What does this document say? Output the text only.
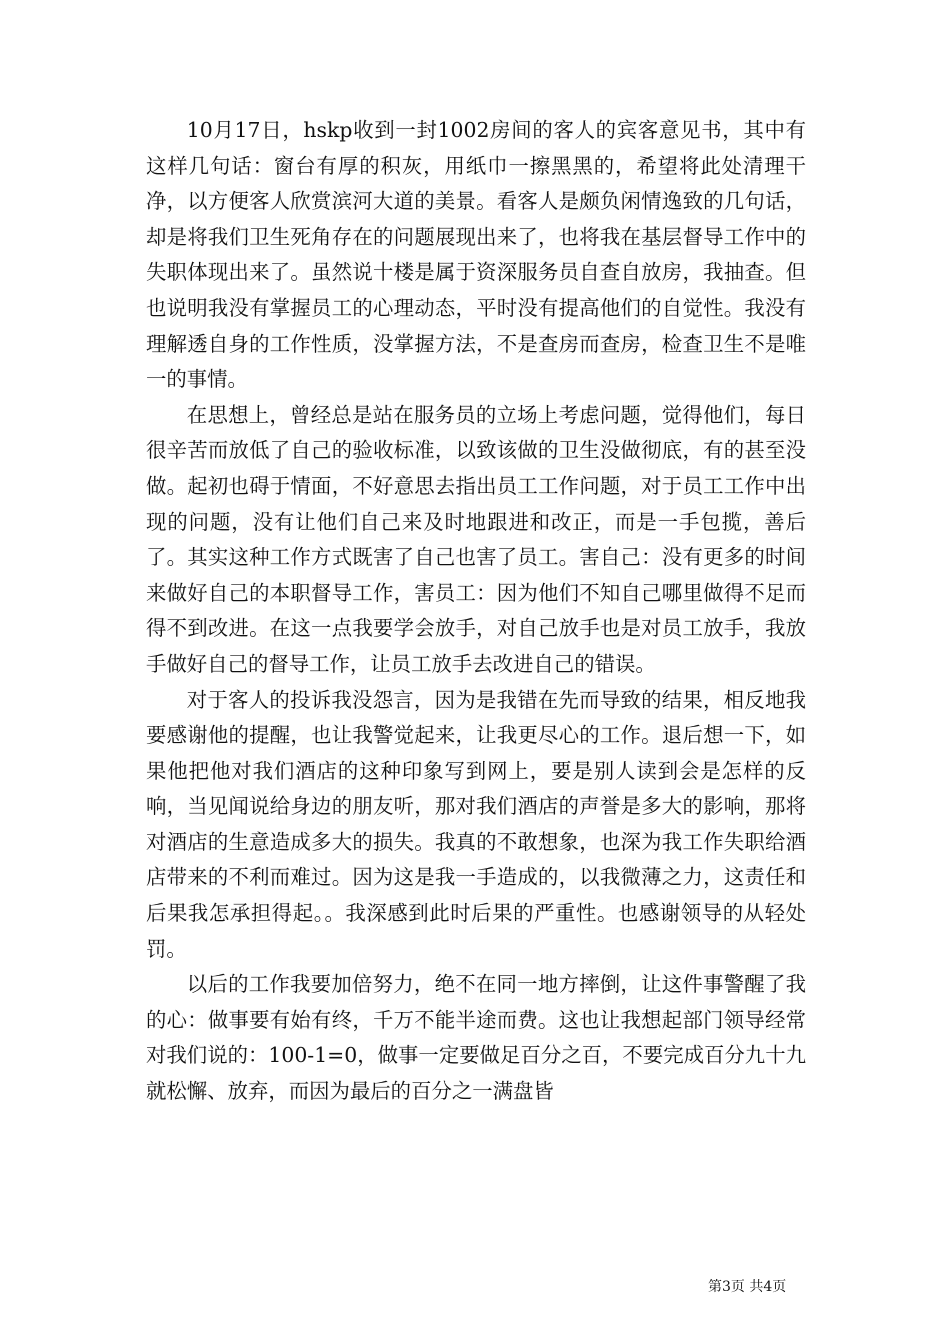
10月17日，hskp收到一封1002房间的客人的宾客意见书，其中有这样几句话：窗台有厚的积灰，用纸巾一擦黑黑的，希望将此处清理干净，以方便客人欣赏滨河大道的美景。看客人是颇负闲情逸致的几句话，却是将我们卫生死角存在的问题展现出来了，也将我在基层督导工作中的失职体现出来了。虽然说十楼是属于资深服务员自查自放房，我抽查。但也说明我没有掌握员工的心理动态，平时没有提高他们的自觉性。我没有理解透自身的工作性质，没掌握方法，不是查房而查房，检查卫生不是唯一的事情。

在思想上，曾经总是站在服务员的立场上考虑问题，觉得他们，每日很辛苦而放低了自己的验收标准，以致该做的卫生没做彻底，有的甚至没做。起初也碍于情面，不好意思去指出员工工作问题，对于员工工作中出现的问题，没有让他们自己来及时地跟进和改正，而是一手包揽，善后了。其实这种工作方式既害了自己也害了员工。害自己：没有更多的时间来做好自己的本职督导工作，害员工：因为他们不知自己哪里做得不足而得不到改进。在这一点我要学会放手，对自己放手也是对员工放手，我放手做好自己的督导工作，让员工放手去改进自己的错误。

对于客人的投诉我没怨言，因为是我错在先而导致的结果，相反地我要感谢他的提醒，也让我警觉起来，让我更尽心的工作。退后想一下，如果他把他对我们酒店的这种印象写到网上，要是别人读到会是怎样的反响，当见闻说给身边的朋友听，那对我们酒店的声誉是多大的影响，那将对酒店的生意造成多大的损失。我真的不敢想象，也深为我工作失职给酒店带来的不利而难过。因为这是我一手造成的，以我微薄之力，这责任和后果我怎承担得起。。我深感到此时后果的严重性。也感谢领导的从轻处罚。

以后的工作我要加倍努力，绝不在同一地方摔倒，让这件事警醒了我的心：做事要有始有终，千万不能半途而费。这也让我想起部门领导经常对我们说的：100-1=0，做事一定要做足百分之百，不要完成百分九十九就松懈、放弃，而因为最后的百分之一满盘皆

第3页 共4页
